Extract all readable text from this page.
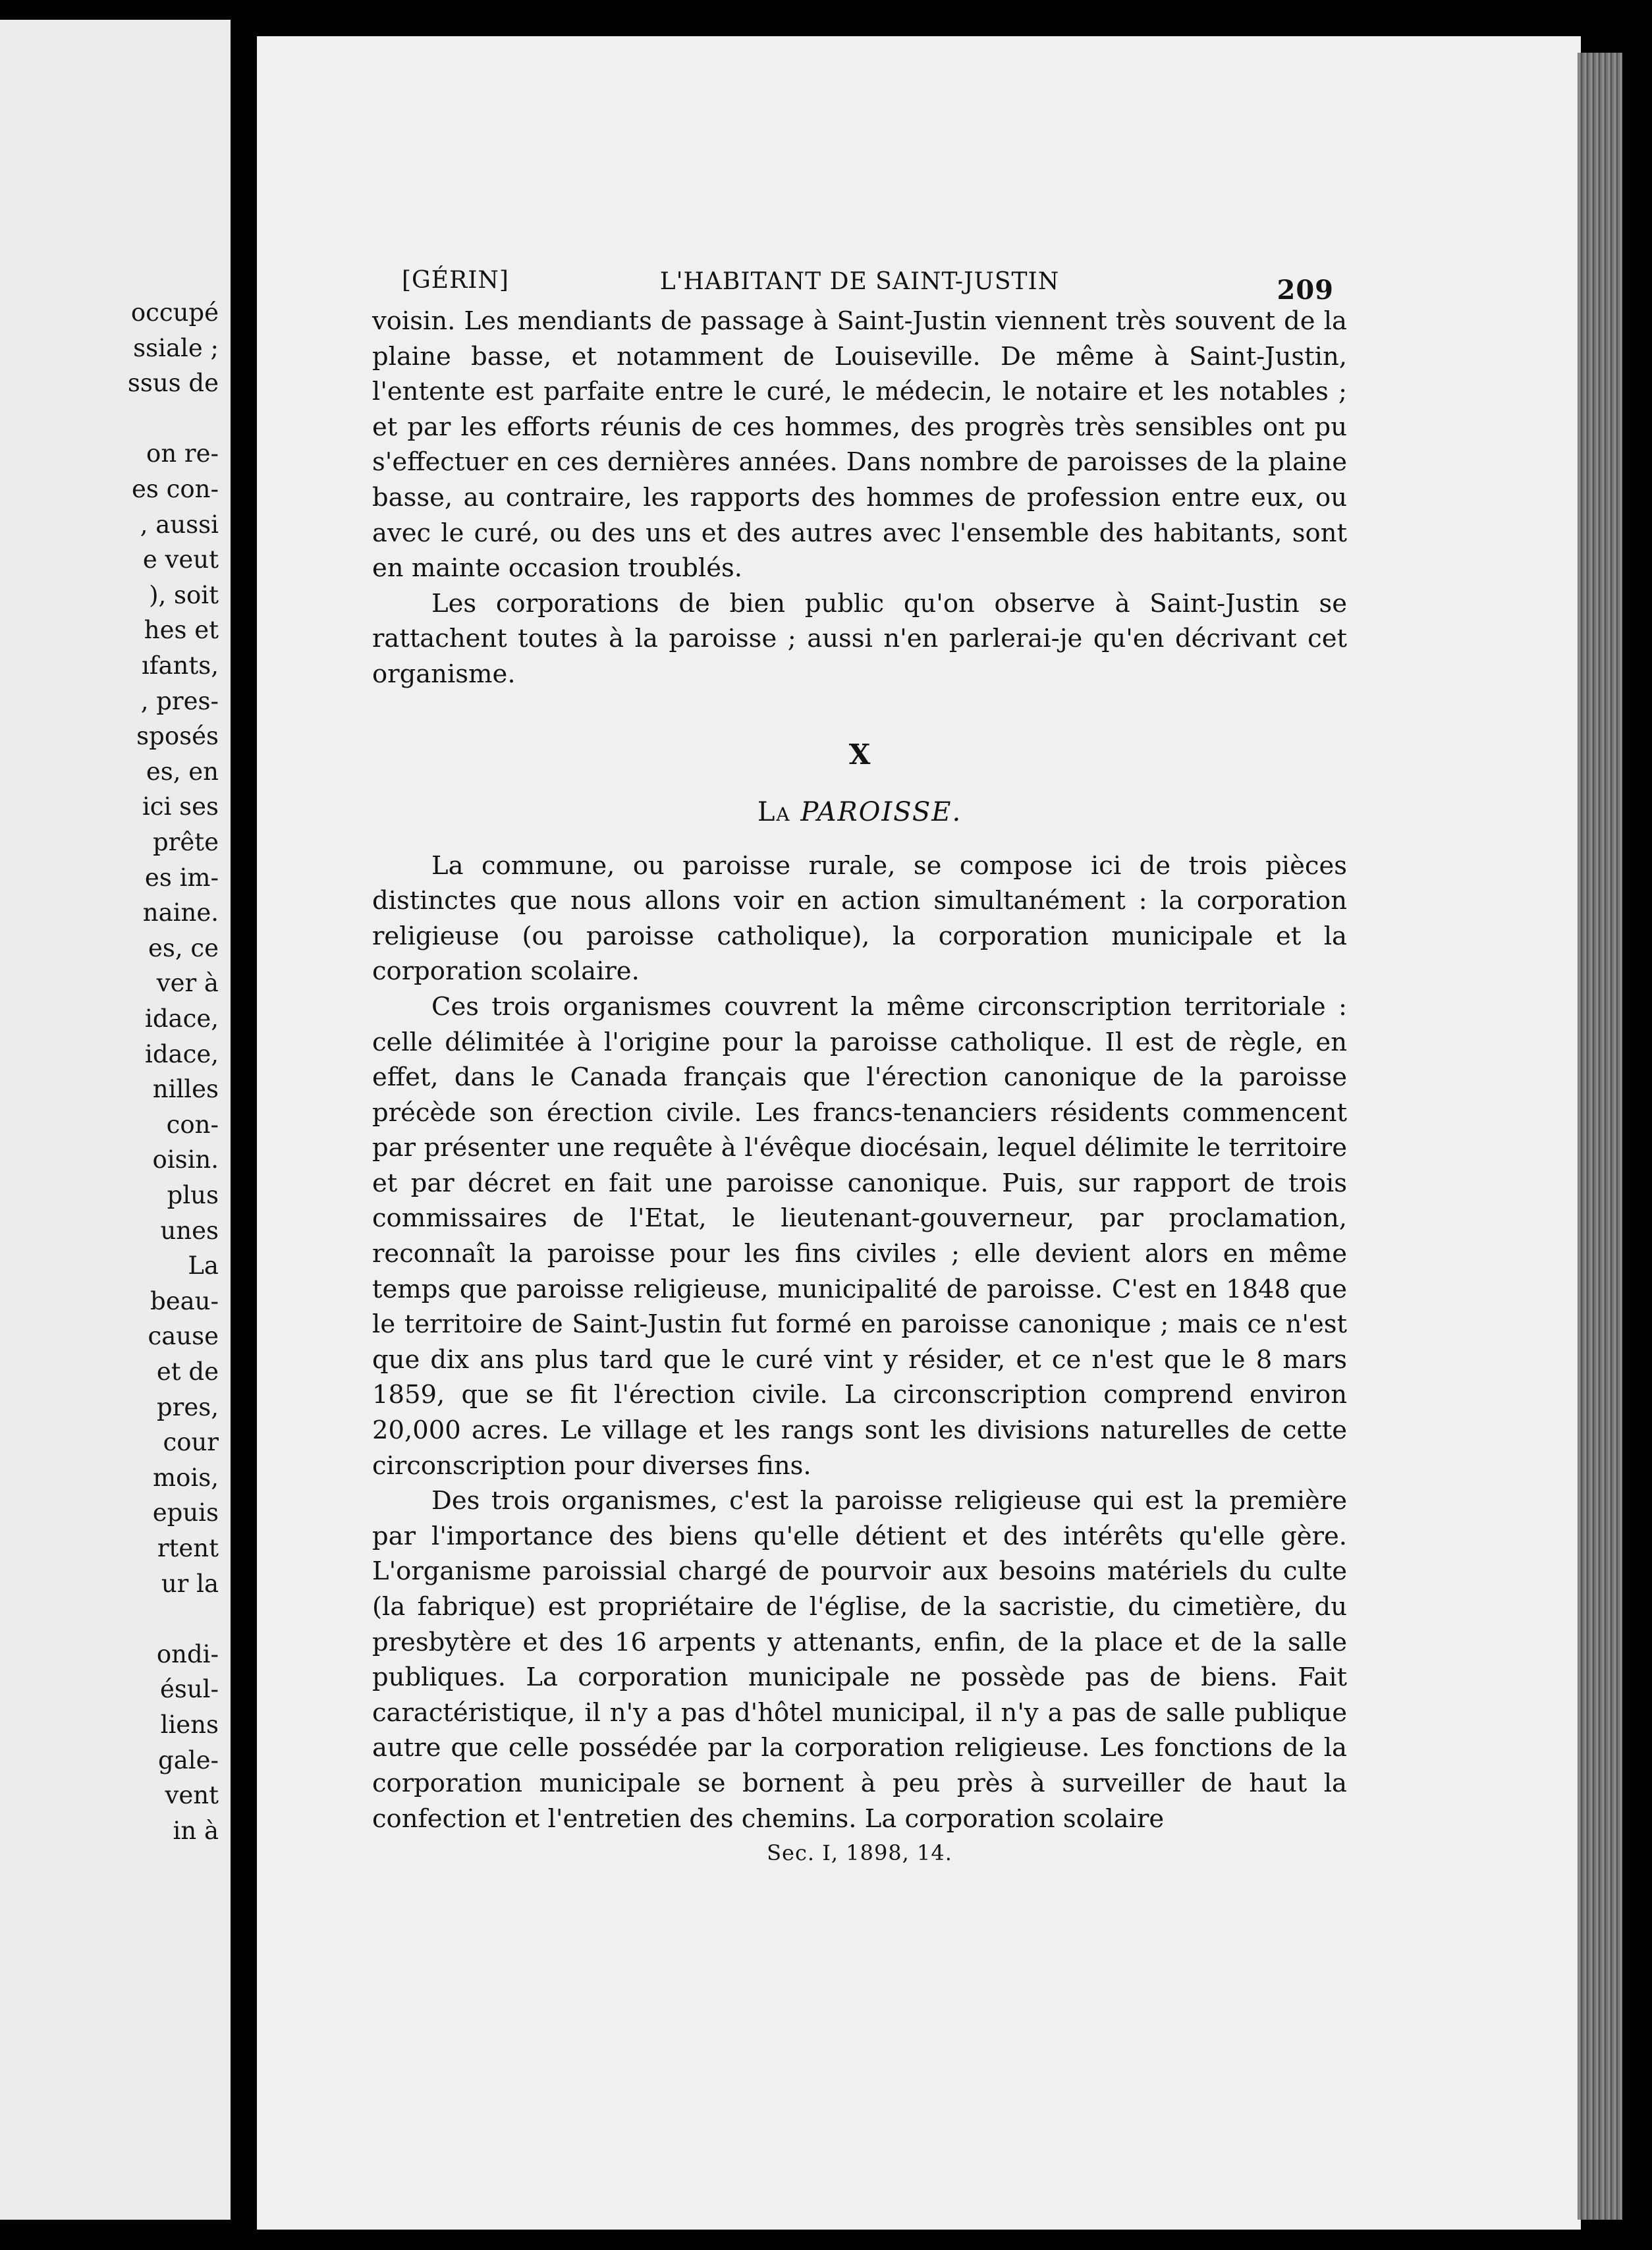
occupé
ssiale ;
ssus de
on re-
es con-
, aussi
e veut
), soit
hes et
ıfants,
, pres-
sposés
es, en
ici ses
prête
es im-
naine.
es, ce
ver à
idace,
idace,
nilles
con-
oisin.
plus
unes
La
beau-
cause
et de
pres,
cour
mois,
epuis
rtent
ur la
ondi-
ésul-
liens
gale-
vent
in à
[GÉRIN]	L'HABITANT DE SAINT-JUSTIN	209

voisin. Les mendiants de passage à Saint-Justin viennent très souvent de la plaine basse, et notamment de Louiseville. De même à Saint-Justin, l'entente est parfaite entre le curé, le médecin, le notaire et les notables ; et par les efforts réunis de ces hommes, des progrès très sensibles ont pu s'effectuer en ces dernières années. Dans nombre de paroisses de la plaine basse, au contraire, les rapports des hommes de profession entre eux, ou avec le curé, ou des uns et des autres avec l'ensemble des habitants, sont en mainte occasion troublés.

Les corporations de bien public qu'on observe à Saint-Justin se rattachent toutes à la paroisse ; aussi n'en parlerai-je qu'en décrivant cet organisme.

X
La PAROISSE.

La commune, ou paroisse rurale, se compose ici de trois pièces distinctes que nous allons voir en action simultanément : la corporation religieuse (ou paroisse catholique), la corporation municipale et la corporation scolaire.

Ces trois organismes couvrent la même circonscription territoriale : celle délimitée à l'origine pour la paroisse catholique. Il est de règle, en effet, dans le Canada français que l'érection canonique de la paroisse précède son érection civile. Les francs-tenanciers résidents commencent par présenter une requête à l'évêque diocésain, lequel délimite le territoire et par décret en fait une paroisse canonique. Puis, sur rapport de trois commissaires de l'Etat, le lieutenant-gouverneur, par proclamation, reconnaît la paroisse pour les fins civiles ; elle devient alors en même temps que paroisse religieuse, municipalité de paroisse. C'est en 1848 que le territoire de Saint-Justin fut formé en paroisse canonique ; mais ce n'est que dix ans plus tard que le curé vint y résider, et ce n'est que le 8 mars 1859, que se fit l'érection civile. La circonscription comprend environ 20,000 acres. Le village et les rangs sont les divisions naturelles de cette circonscription pour diverses fins.

Des trois organismes, c'est la paroisse religieuse qui est la première par l'importance des biens qu'elle détient et des intérêts qu'elle gère. L'organisme paroissial chargé de pourvoir aux besoins matériels du culte (la fabrique) est propriétaire de l'église, de la sacristie, du cimetière, du presbytère et des 16 arpents y attenants, enfin, de la place et de la salle publiques. La corporation municipale ne possède pas de biens. Fait caractéristique, il n'y a pas d'hôtel municipal, il n'y a pas de salle publique autre que celle possédée par la corporation religieuse. Les fonctions de la corporation municipale se bornent à peu près à surveiller de haut la confection et l'entretien des chemins. La corporation scolaire

Sec. I, 1898, 14.
